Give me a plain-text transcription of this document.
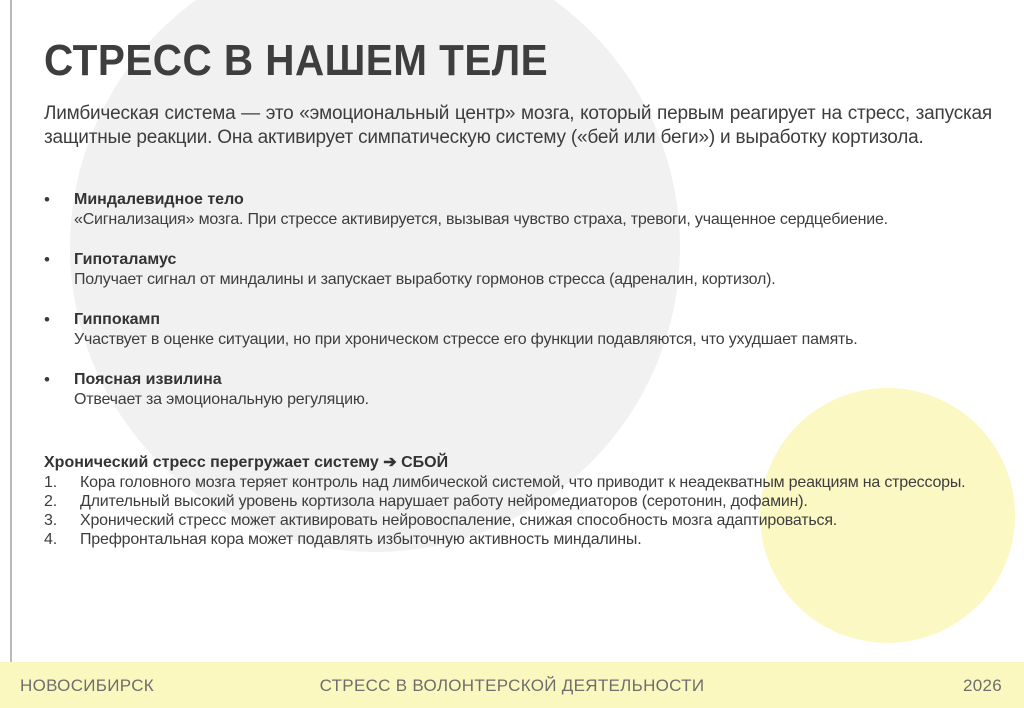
СТРЕСС В НАШЕМ ТЕЛЕ

Лимбическая система — это «эмоциональный центр» мозга, который первым реагирует на стресс, запуская защитные реакции. Она активирует симпатическую систему («бей или беги») и выработку кортизола.

• Миндалевидное тело
«Сигнализация» мозга. При стрессе активируется, вызывая чувство страха, тревоги, учащенное сердцебиение.
• Гипоталамус
Получает сигнал от миндалины и запускает выработку гормонов стресса (адреналин, кортизол).
• Гиппокамп
Участвует в оценке ситуации, но при хроническом стрессе его функции подавляются, что ухудшает память.
• Поясная извилина
Отвечает за эмоциональную регуляцию.
Хронический стресс перегружает систему ➔ СБОЙ
1. Кора головного мозга теряет контроль над лимбической системой, что приводит к неадекватным реакциям на стрессоры.
2. Длительный высокий уровень кортизола нарушает работу нейромедиаторов (серотонин, дофамин).
3. Хронический стресс может активировать нейровоспаление, снижая способность мозга адаптироваться.
4. Префронтальная кора может подавлять избыточную активность миндалины.
СТРЕСС В ВОЛОНТЕРСКОЙ ДЕЯТЕЛЬНОСТИ
НОВОСИБИРСК	2026
